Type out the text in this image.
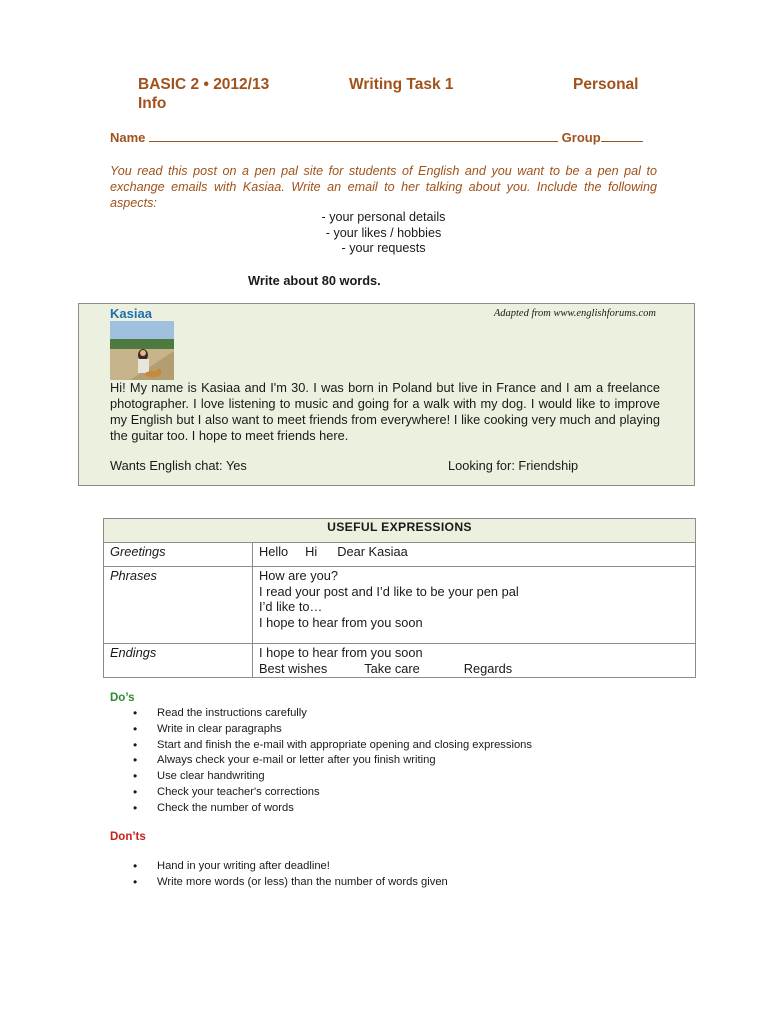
BASIC 2 • 2012/13	Writing Task 1	Personal
Info
Name	Group
You read this post on a pen pal site for students of English and you want to be a pen pal to exchange emails with Kasiaa. Write an email to her talking about you. Include the following aspects:
- your personal details
- your likes / hobbies
- your requests
Write about 80 words.
Kasiaa	Adapted from www.englishforums.com
Hi! My name is Kasiaa and I'm 30. I was born in Poland but live in France and I am a freelance photographer. I love listening to music and going for a walk with my dog. I would like to improve my English but I also want to meet friends from everywhere! I like cooking very much and playing the guitar too. I hope to meet friends here.
Wants English chat: Yes	Looking for: Friendship
USEFUL EXPRESSIONS	
Greetings	Hello Hi Dear Kasiaa
Phrases	How are you?
I read your post and I’d like to be your pen pal
I’d like to…
I hope to hear from you soon

Endings	I hope to hear from you soon
Best wishes Take care Regards
Do’s
• Read the instructions carefully
• Write in clear paragraphs
• Start and finish the e-mail with appropriate opening and closing expressions
• Always check your e-mail or letter after you finish writing
• Use clear handwriting
• Check your teacher's corrections
• Check the number of words
Don’ts
• Hand in your writing after deadline!
• Write more words (or less) than the number of words given
